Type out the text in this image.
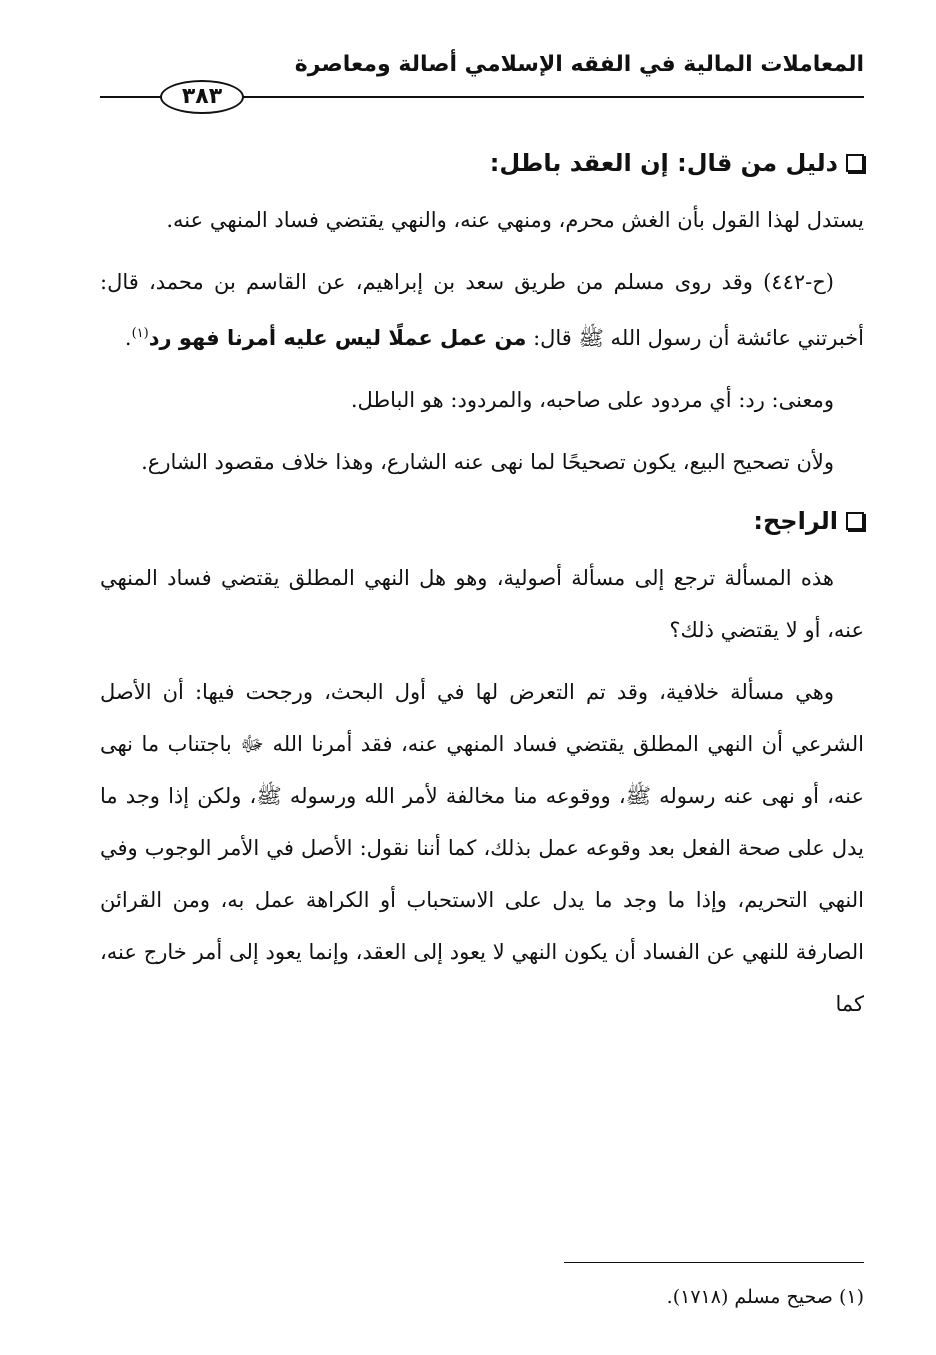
المعاملات المالية في الفقه الإسلامي أصالة ومعاصرة
٣٨٣
دليل من قال: إن العقد باطل:

يستدل لهذا القول بأن الغش محرم، ومنهي عنه، والنهي يقتضي فساد المنهي عنه.

(ح-٤٤٢) وقد روى مسلم من طريق سعد بن إبراهيم، عن القاسم بن محمد، قال: أخبرتني عائشة أن رسول الله ﷺ قال: من عمل عملًا ليس عليه أمرنا فهو رد$^{(١)}$.

ومعنى: رد: أي مردود على صاحبه، والمردود: هو الباطل.

ولأن تصحيح البيع، يكون تصحيحًا لما نهى عنه الشارع، وهذا خلاف مقصود الشارع.

الراجح:

هذه المسألة ترجع إلى مسألة أصولية، وهو هل النهي المطلق يقتضي فساد المنهي عنه، أو لا يقتضي ذلك؟

وهي مسألة خلافية، وقد تم التعرض لها في أول البحث، ورجحت فيها: أن الأصل الشرعي أن النهي المطلق يقتضي فساد المنهي عنه، فقد أمرنا الله ﷻ باجتناب ما نهى عنه، أو نهى عنه رسوله ﷺ، ووقوعه منا مخالفة لأمر الله ورسوله ﷺ، ولكن إذا وجد ما يدل على صحة الفعل بعد وقوعه عمل بذلك، كما أننا نقول: الأصل في الأمر الوجوب وفي النهي التحريم، وإذا ما وجد ما يدل على الاستحباب أو الكراهة عمل به، ومن القرائن الصارفة للنهي عن الفساد أن يكون النهي لا يعود إلى العقد، وإنما يعود إلى أمر خارج عنه، كما

(١) صحيح مسلم (١٧١٨).
